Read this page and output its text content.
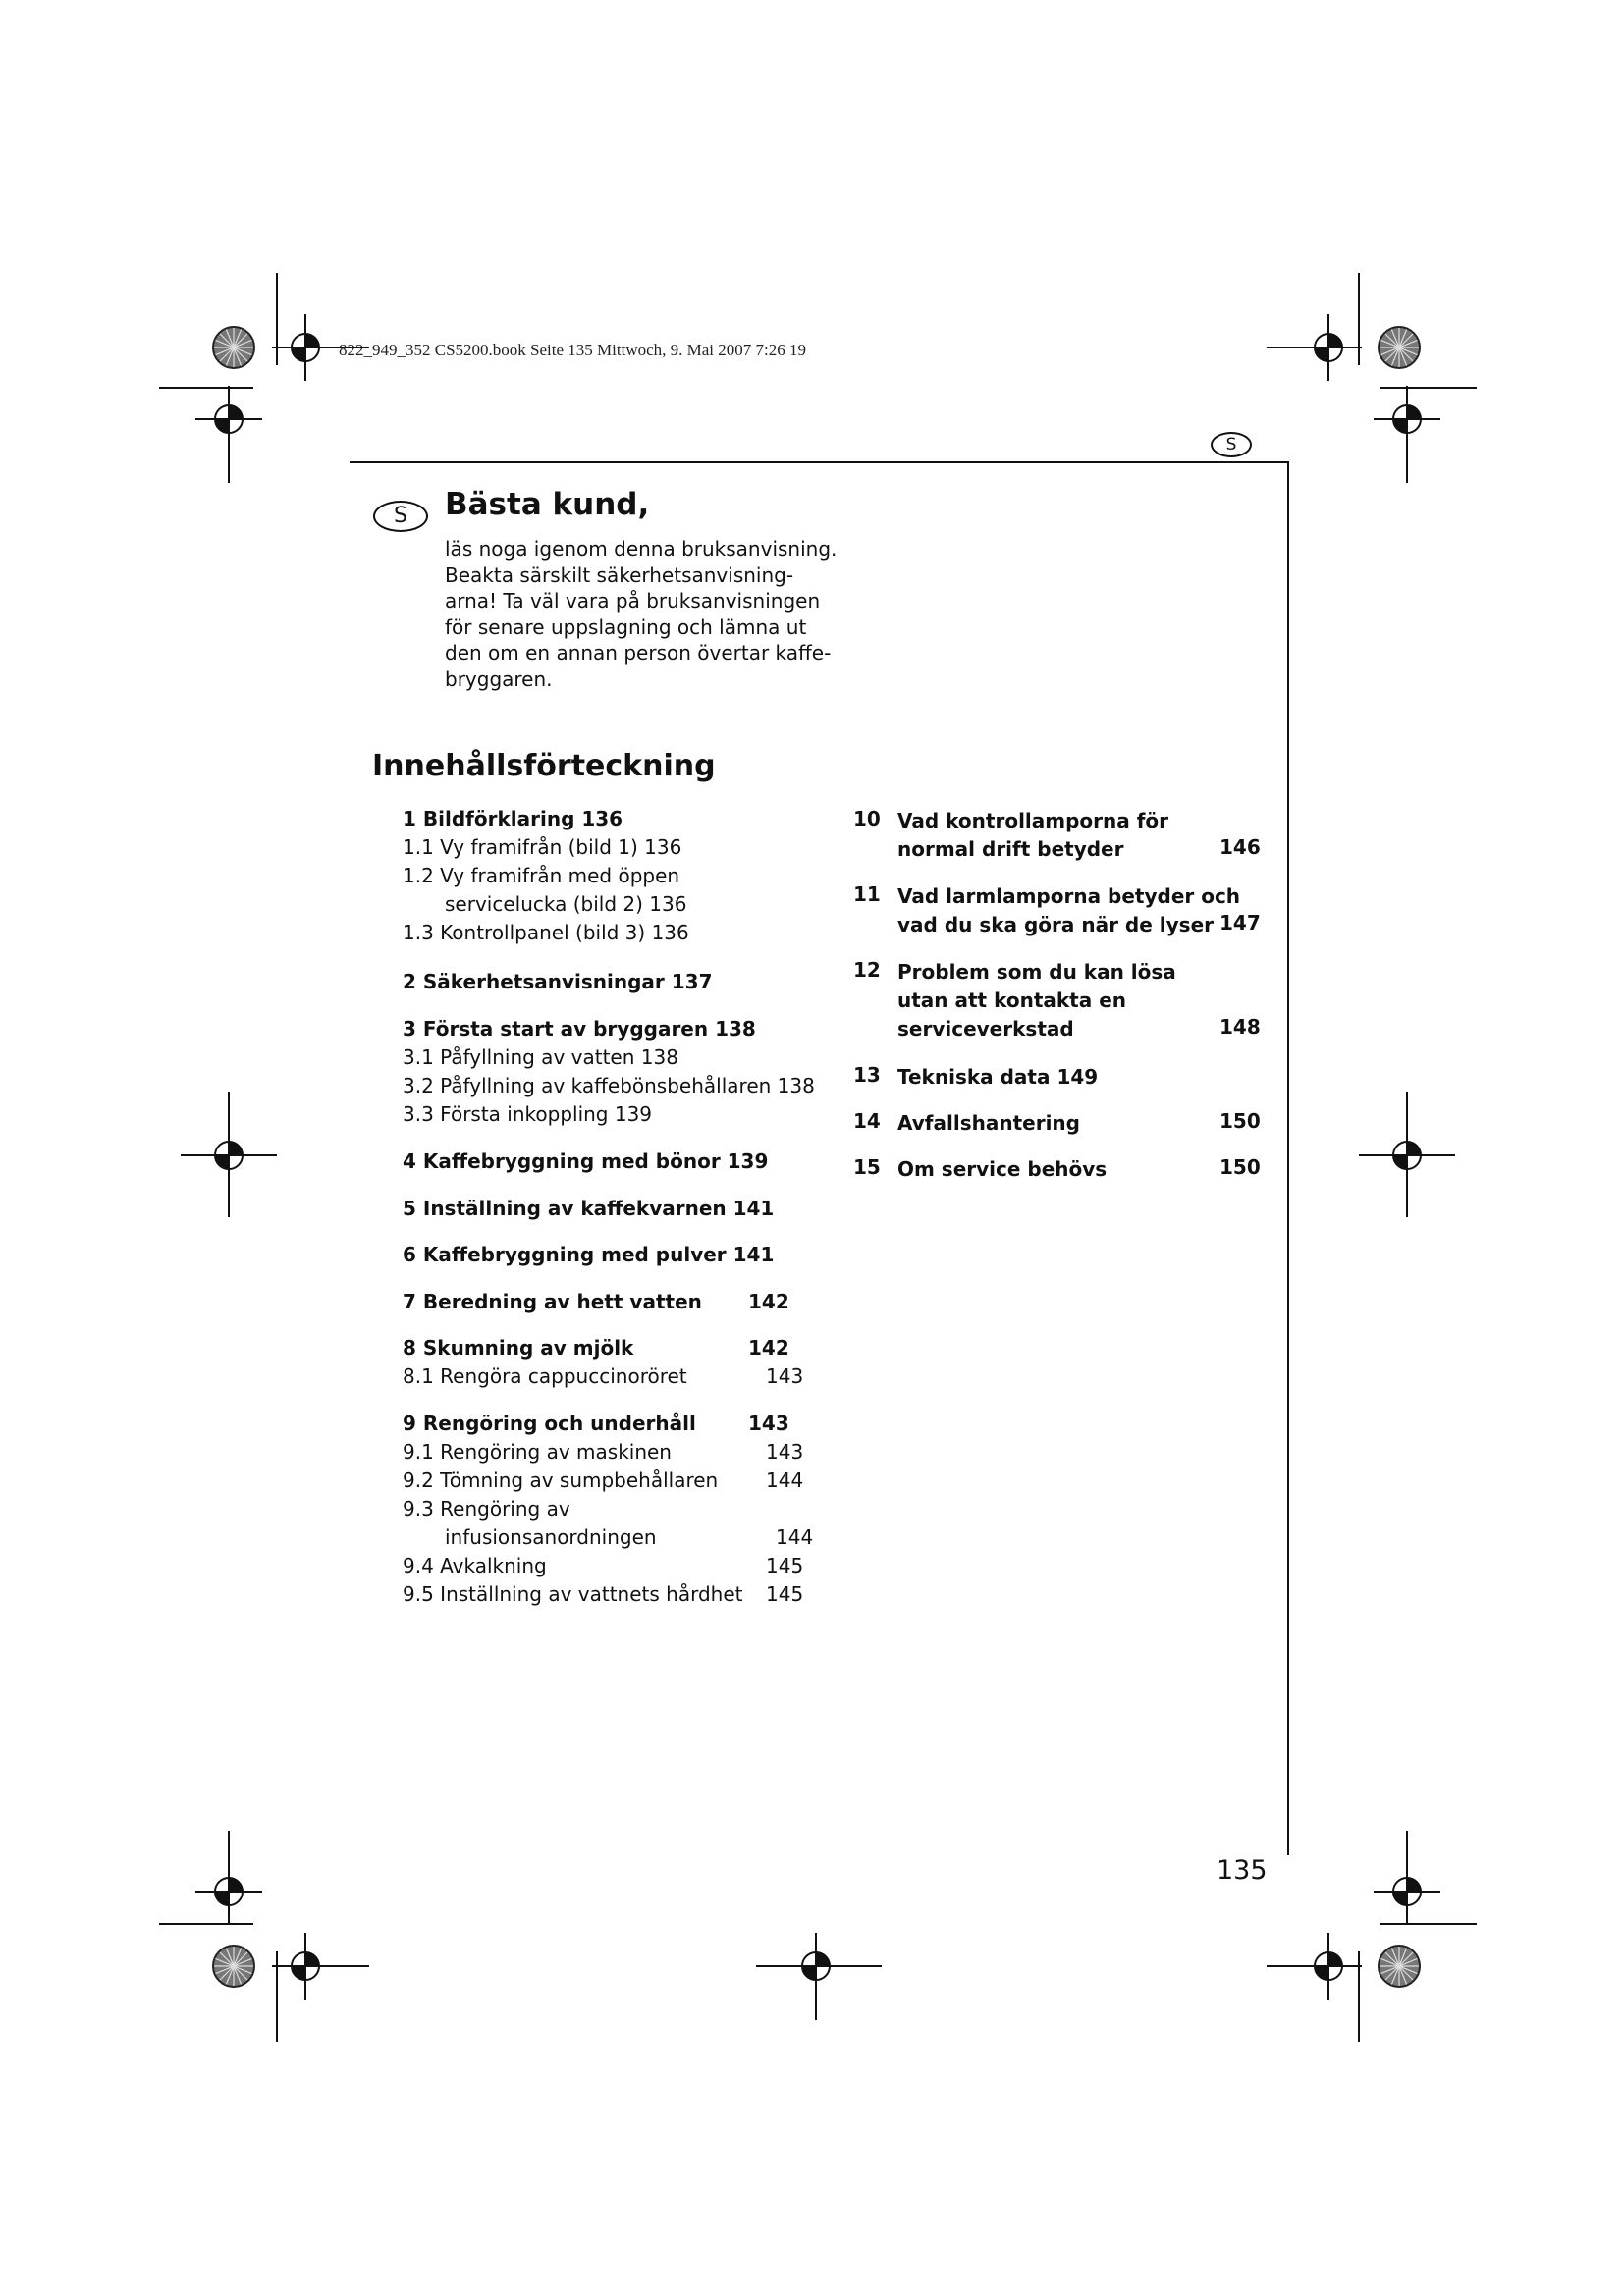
822_949_352 CS5200.book Seite 135 Mittwoch, 9. Mai 2007 7:26 19
S
S	Bästa kund,
läs noga igenom denna bruksanvisning.
Beakta särskilt säkerhetsanvisning-
arna! Ta väl vara på bruksanvisningen
för senare uppslagning och lämna ut
den om en annan person övertar kaffe-
bryggaren.
Innehållsförteckning
1 Bildförklaring 136
1.1 Vy framifrån (bild 1) 136
1.2 Vy framifrån med öppen
servicelucka (bild 2) 136
1.3 Kontrollpanel (bild 3) 136
2 Säkerhetsanvisningar 137
3 Första start av bryggaren 138
3.1 Påfyllning av vatten 138
3.2 Påfyllning av kaffebönsbehållaren 138
3.3 Första inkoppling 139
4 Kaffebryggning med bönor 139
5 Inställning av kaffekvarnen 141
6 Kaffebryggning med pulver 141
7 Beredning av hett vatten 142
8 Skumning av mjölk	142
8.1 Rengöra cappuccinoröret	143
9 Rengöring och underhåll	143
9.1 Rengöring av maskinen	143
9.2 Tömning av sumpbehållaren 144
9.3 Rengöring av
infusionsanordningen	144
9.4 Avkalkning	145
9.5 Inställning av vattnets hårdhet 145
10 Vad kontrollamporna för
normal drift betyder	146
11 Vad larmlamporna betyder och
vad du ska göra när de lyser 147
12 Problem som du kan lösa
utan att kontakta en
serviceverkstad	148
13 Tekniska data 149
14 Avfallshantering	150
15 Om service behövs	150
135
